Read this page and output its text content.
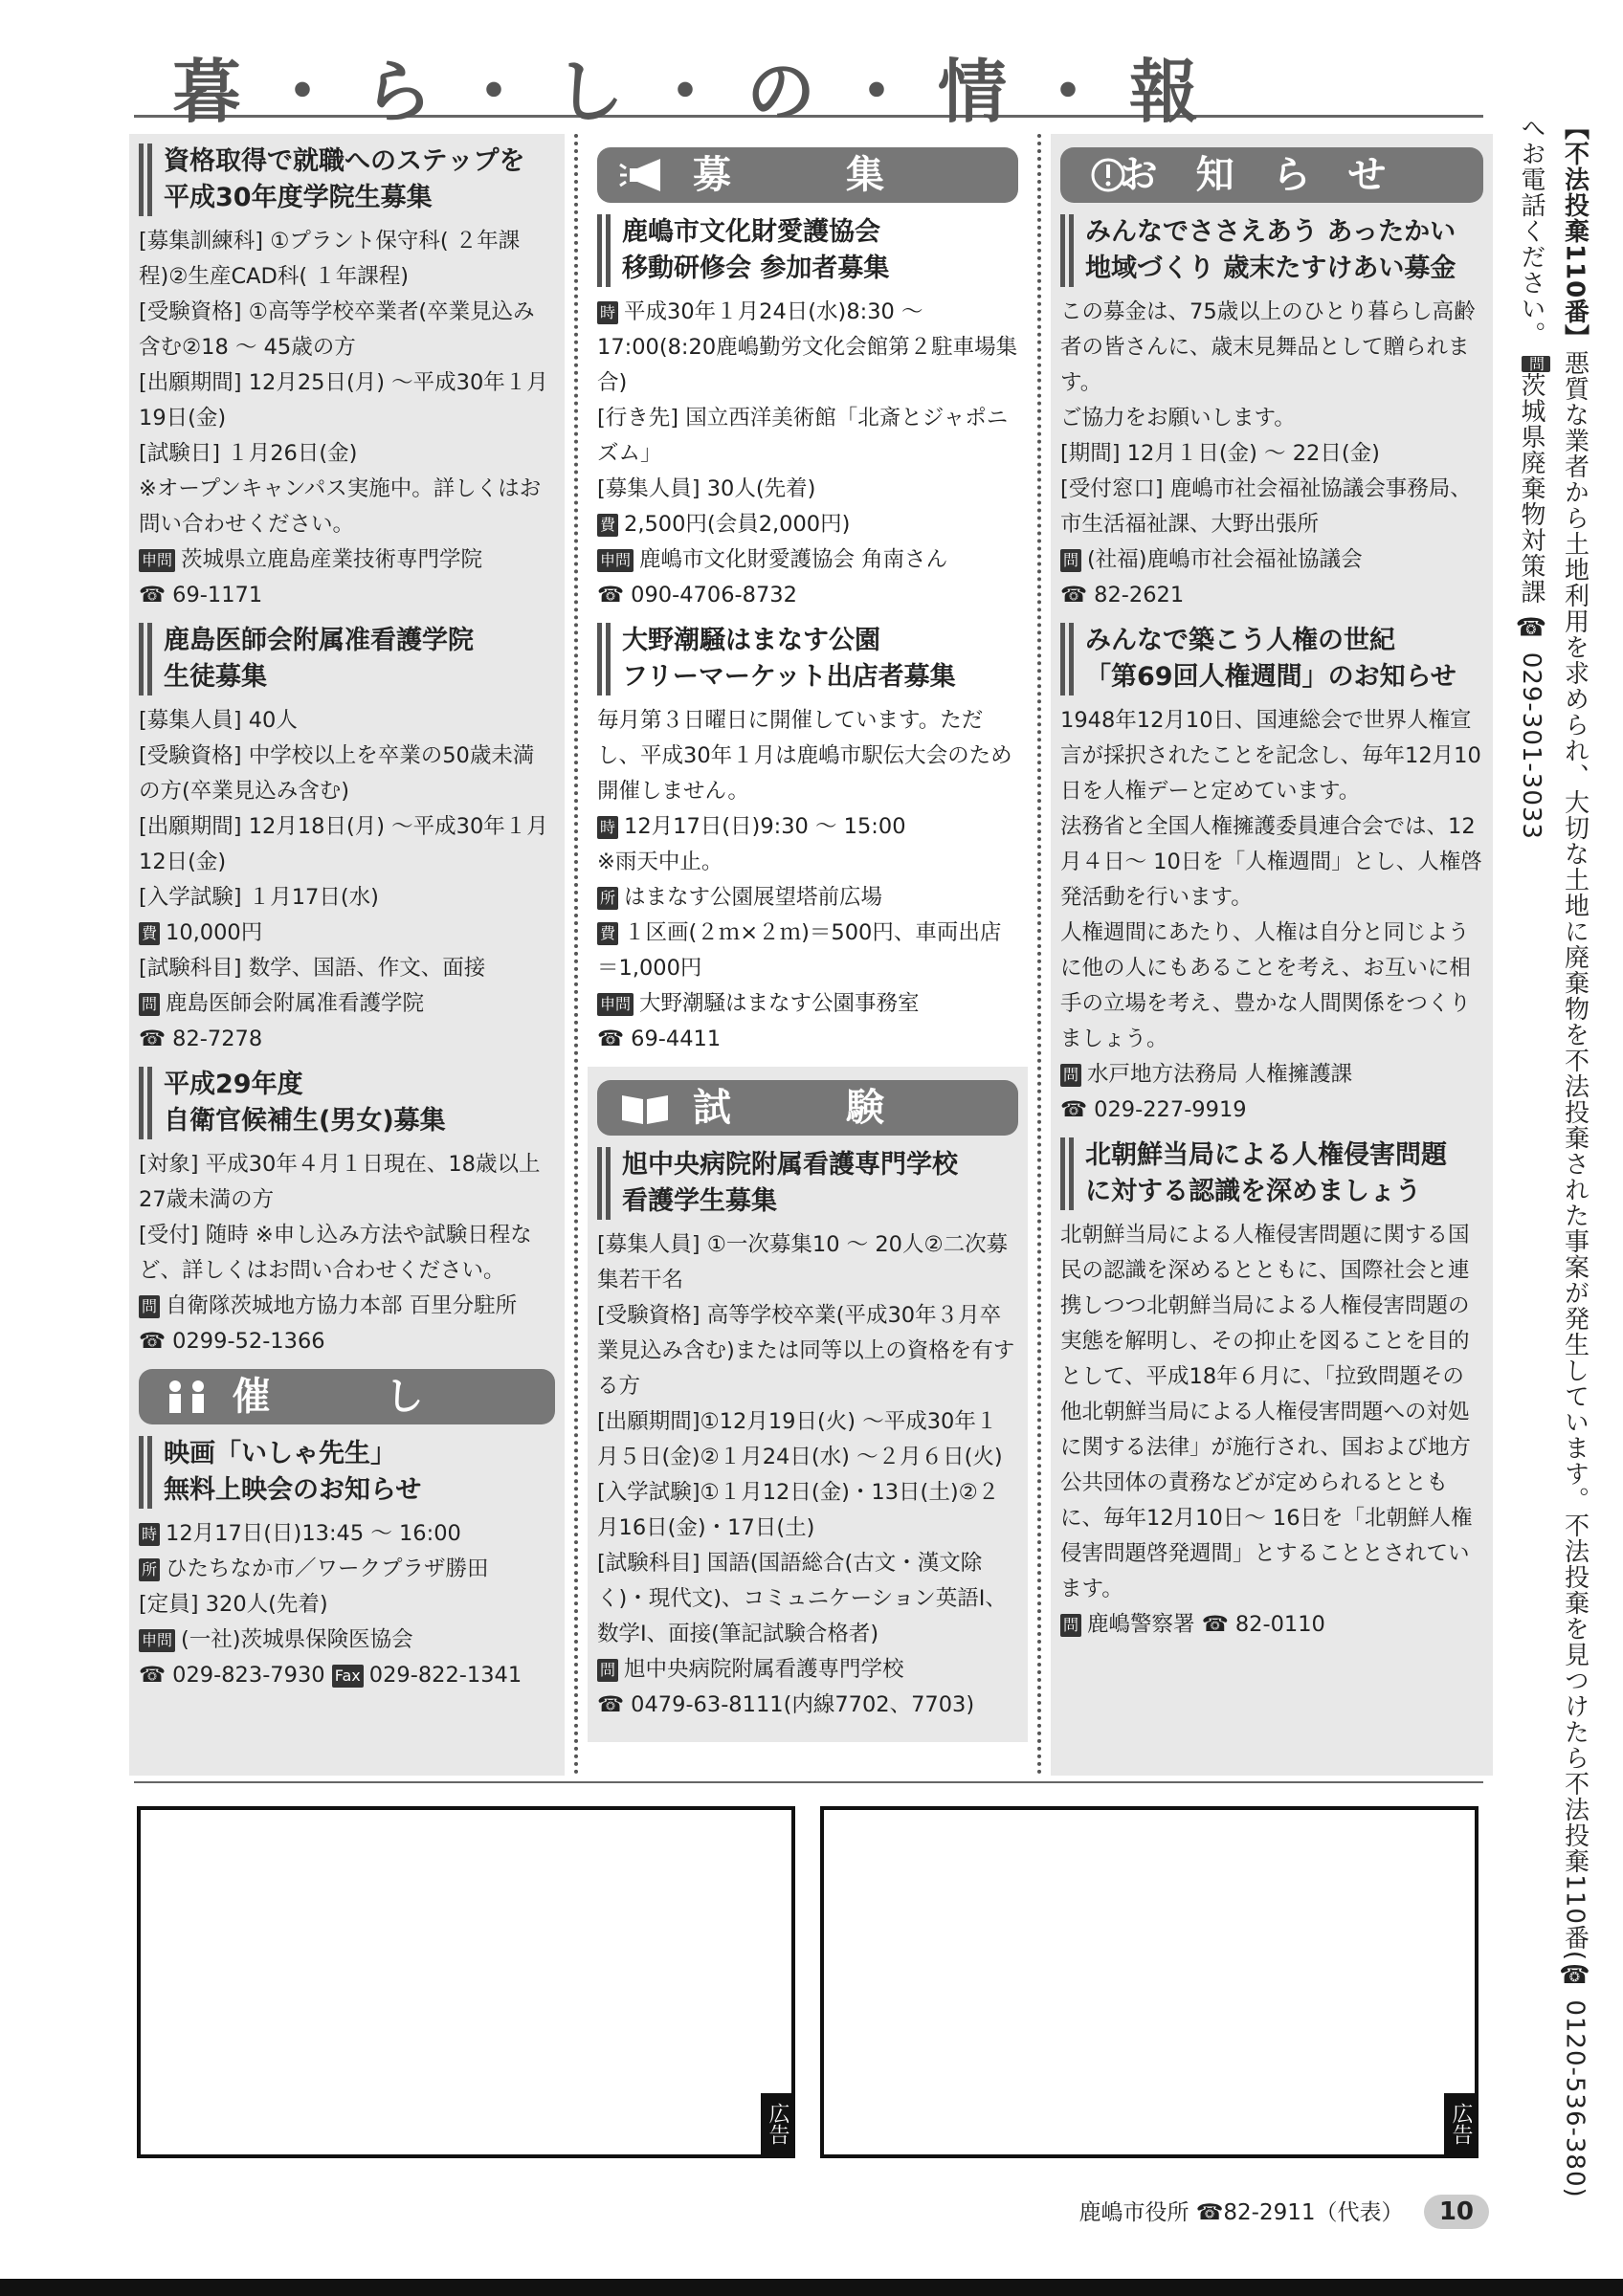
暮・ら・し・の・情・報
資格取得で就職へのステップを
平成30年度学院生募集

[募集訓練科] ①プラント保守科( ２年課程)②生産CAD科( １年課程)

[受験資格] ①高等学校卒業者(卒業見込み含む②18 ～ 45歳の方

[出願期間] 12月25日(月) ～平成30年１月19日(金)

[試験日] １月26日(金)

※オープンキャンパス実施中。詳しくはお問い合わせください。

申問 茨城県立鹿島産業技術専門学院

☎ 69-1171

鹿島医師会附属准看護学院
生徒募集

[募集人員] 40人

[受験資格] 中学校以上を卒業の50歳未満の方(卒業見込み含む)

[出願期間] 12月18日(月) ～平成30年１月12日(金)

[入学試験] １月17日(水)

費 10,000円

[試験科目] 数学、国語、作文、面接

問 鹿島医師会附属准看護学院

☎ 82-7278

平成29年度
自衛官候補生(男女)募集

[対象] 平成30年４月１日現在、18歳以上27歳未満の方

[受付] 随時 ※申し込み方法や試験日程など、詳しくはお問い合わせください。

問 自衛隊茨城地方協力本部 百里分駐所

☎ 0299-52-1366

催　し
映画「いしゃ先生」
無料上映会のお知らせ

時 12月17日(日)13:45 ～ 16:00

所 ひたちなか市／ワークプラザ勝田

[定員] 320人(先着)

申問 (一社)茨城県保険医協会

☎ 029-823-7930 Fax 029-822-1341

募　集
鹿嶋市文化財愛護協会
移動研修会 参加者募集

時 平成30年１月24日(水)8:30 ～ 17:00(8:20鹿嶋勤労文化会館第２駐車場集合)

[行き先] 国立西洋美術館「北斎とジャポニズム」

[募集人員] 30人(先着)

費 2,500円(会員2,000円)

申問 鹿嶋市文化財愛護協会 角南さん

☎ 090-4706-8732

大野潮騒はまなす公園
フリーマーケット出店者募集

毎月第３日曜日に開催しています。ただし、平成30年１月は鹿嶋市駅伝大会のため開催しません。

時 12月17日(日)9:30 ～ 15:00

※雨天中止。

所 はまなす公園展望塔前広場

費 １区画(２ｍ×２ｍ)＝500円、車両出店＝1,000円

申問 大野潮騒はまなす公園事務室

☎ 69-4411

試　験
旭中央病院附属看護専門学校
看護学生募集

[募集人員] ①一次募集10 ～ 20人②二次募集若干名

[受験資格] 高等学校卒業(平成30年３月卒業見込み含む)または同等以上の資格を有する方

[出願期間]①12月19日(火) ～平成30年１月５日(金)②１月24日(水) ～２月６日(火)

[入学試験]①１月12日(金)・13日(土)②２月16日(金)・17日(土)

[試験科目] 国語(国語総合(古文・漢文除く)・現代文)、コミュニケーション英語Ⅰ、数学Ⅰ、面接(筆記試験合格者)

問 旭中央病院附属看護専門学校

☎ 0479-63-8111(内線7702、7703)

お知らせ
みんなでささえあう あったかい
地域づくり 歳末たすけあい募金

この募金は、75歳以上のひとり暮らし高齢者の皆さんに、歳末見舞品として贈られます。

ご協力をお願いします。

[期間] 12月１日(金) ～ 22日(金)

[受付窓口] 鹿嶋市社会福祉協議会事務局、市生活福祉課、大野出張所

問 (社福)鹿嶋市社会福祉協議会

☎ 82-2621

みんなで築こう人権の世紀
「第69回人権週間」のお知らせ

1948年12月10日、国連総会で世界人権宣言が採択されたことを記念し、毎年12月10日を人権デーと定めています。

法務省と全国人権擁護委員連合会では、12月４日～ 10日を「人権週間」とし、人権啓発活動を行います。

人権週間にあたり、人権は自分と同じように他の人にもあることを考え、お互いに相手の立場を考え、豊かな人間関係をつくりましょう。

問 水戸地方法務局 人権擁護課

☎ 029-227-9919

北朝鮮当局による人権侵害問題
に対する認識を深めましょう

北朝鮮当局による人権侵害問題に関する国民の認識を深めるとともに、国際社会と連携しつつ北朝鮮当局による人権侵害問題の実態を解明し、その抑止を図ることを目的として、平成18年６月に、「拉致問題その他北朝鮮当局による人権侵害問題への対処に関する法律」が施行され、国および地方公共団体の責務などが定められるとともに、毎年12月10日～ 16日を「北朝鮮人権侵害問題啓発週間」とすることとされています。

問 鹿嶋警察署 ☎ 82-0110

広告	広告
鹿嶋市役所 ☎82-2911（代表） 10
【不法投棄110番】悪質な業者から土地利用を求められ、大切な土地に廃棄物を不法投棄された事案が発生しています。不法投棄を見つけたら不法投棄110番(☎ 0120-536-380)へお電話ください。 問茨城県廃棄物対策課 ☎ 029-301-3033
